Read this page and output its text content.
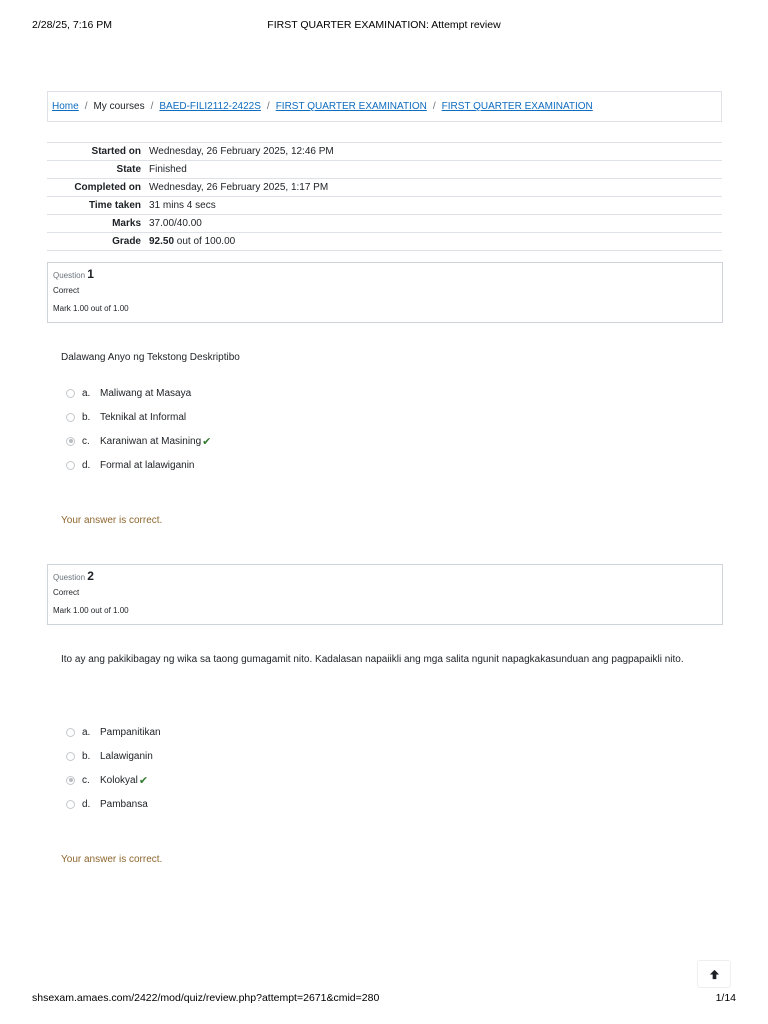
2/28/25, 7:16 PM	FIRST QUARTER EXAMINATION: Attempt review
Home / My courses / BAED-FILI2112-2422S / FIRST QUARTER EXAMINATION / FIRST QUARTER EXAMINATION
Started on	Wednesday, 26 February 2025, 12:46 PM
State	Finished
Completed on	Wednesday, 26 February 2025, 1:17 PM
Time taken	31 mins 4 secs
Marks	37.00/40.00
Grade	92.50 out of 100.00
Question 1
Correct
Mark 1.00 out of 1.00
Dalawang Anyo ng Tekstong Deskriptibo
a. Maliwang at Masaya
b. Teknikal at Informal
c.	Karaniwan at Masining ✔
d. Formal at lalawiganin
Your answer is correct.
Question 2
Correct
Mark 1.00 out of 1.00
Ito ay ang pakikibagay ng wika sa taong gumagamit nito. Kadalasan napaiikli ang mga salita ngunit napagkakasunduan ang pagpapaikli nito.
a. Pampanitikan
b. Lalawiganin
c.	Kolokyal ✔
d. Pambansa
Your answer is correct.
shsexam.amaes.com/2422/mod/quiz/review.php?attempt=2671&cmid=280	1/14
